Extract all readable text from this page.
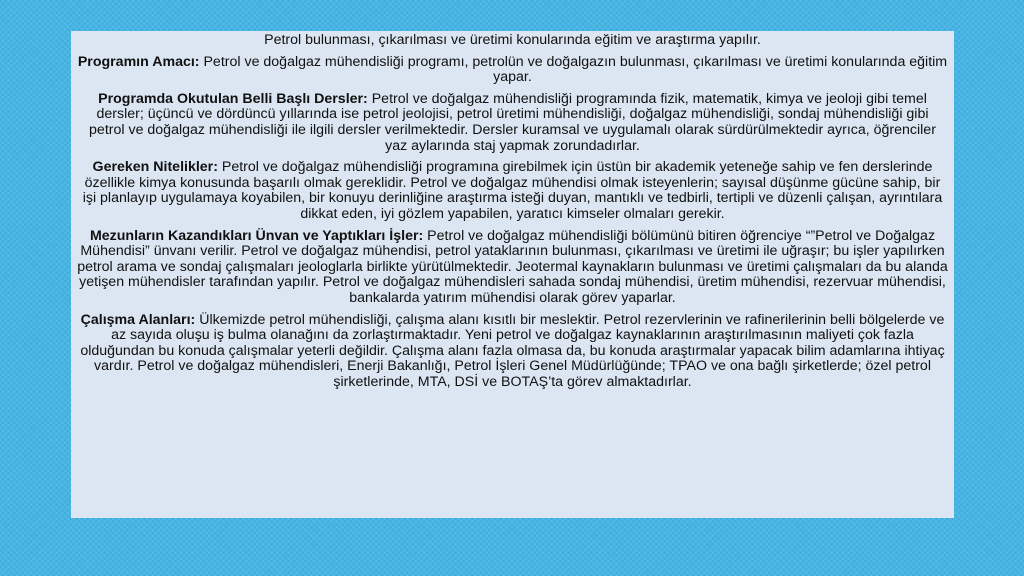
Petrol bulunması, çıkarılması ve üretimi konularında eğitim ve araştırma yapılır.

Programın Amacı: Petrol ve doğalgaz mühendisliği programı, petrolün ve doğalgazın bulunması, çıkarılması ve üretimi konularında eğitim yapar.

Programda Okutulan Belli Başlı Dersler: Petrol ve doğalgaz mühendisliği programında fizik, matematik, kimya ve jeoloji gibi temel dersler; üçüncü ve dördüncü yıllarında ise petrol jeolojisi, petrol üretimi mühendisliği, doğalgaz mühendisliği, sondaj mühendisliği gibi petrol ve doğalgaz mühendisliği ile ilgili dersler verilmektedir. Dersler kuramsal ve uygulamalı olarak sürdürülmektedir ayrıca, öğrenciler yaz aylarında staj yapmak zorundadırlar.

Gereken Nitelikler: Petrol ve doğalgaz mühendisliği programına girebilmek için üstün bir akademik yeteneğe sahip ve fen derslerinde özellikle kimya konusunda başarılı olmak gereklidir. Petrol ve doğalgaz mühendisi olmak isteyenlerin; sayısal düşünme gücüne sahip, bir işi planlayıp uygulamaya koyabilen, bir konuyu derinliğine araştırma isteği duyan, mantıklı ve tedbirli, tertipli ve düzenli çalışan, ayrıntılara dikkat eden, iyi gözlem yapabilen, yaratıcı kimseler olmaları gerekir.

Mezunların Kazandıkları Ünvan ve Yaptıkları İşler: Petrol ve doğalgaz mühendisliği bölümünü bitiren öğrenciye “”Petrol ve Doğalgaz Mühendisi” ünvanı verilir. Petrol ve doğalgaz mühendisi, petrol yataklarının bulunması, çıkarılması ve üretimi ile uğraşır; bu işler yapılırken petrol arama ve sondaj çalışmaları jeologlarla birlikte yürütülmektedir. Jeotermal kaynakların bulunması ve üretimi çalışmaları da bu alanda yetişen mühendisler tarafından yapılır. Petrol ve doğalgaz mühendisleri sahada sondaj mühendisi, üretim mühendisi, rezervuar mühendisi, bankalarda yatırım mühendisi olarak görev yaparlar.

Çalışma Alanları: Ülkemizde petrol mühendisliği, çalışma alanı kısıtlı bir meslektir. Petrol rezervlerinin ve rafinerilerinin belli bölgelerde ve az sayıda oluşu iş bulma olanağını da zorlaştırmaktadır. Yeni petrol ve doğalgaz kaynaklarının araştırılmasının maliyeti çok fazla olduğundan bu konuda çalışmalar yeterli değildir. Çalışma alanı fazla olmasa da, bu konuda araştırmalar yapacak bilim adamlarına ihtiyaç vardır. Petrol ve doğalgaz mühendisleri, Enerji Bakanlığı, Petrol İşleri Genel Müdürlüğünde; TPAO ve ona bağlı şirketlerde; özel petrol şirketlerinde, MTA, DSİ ve BOTAŞ’ta görev almaktadırlar.
